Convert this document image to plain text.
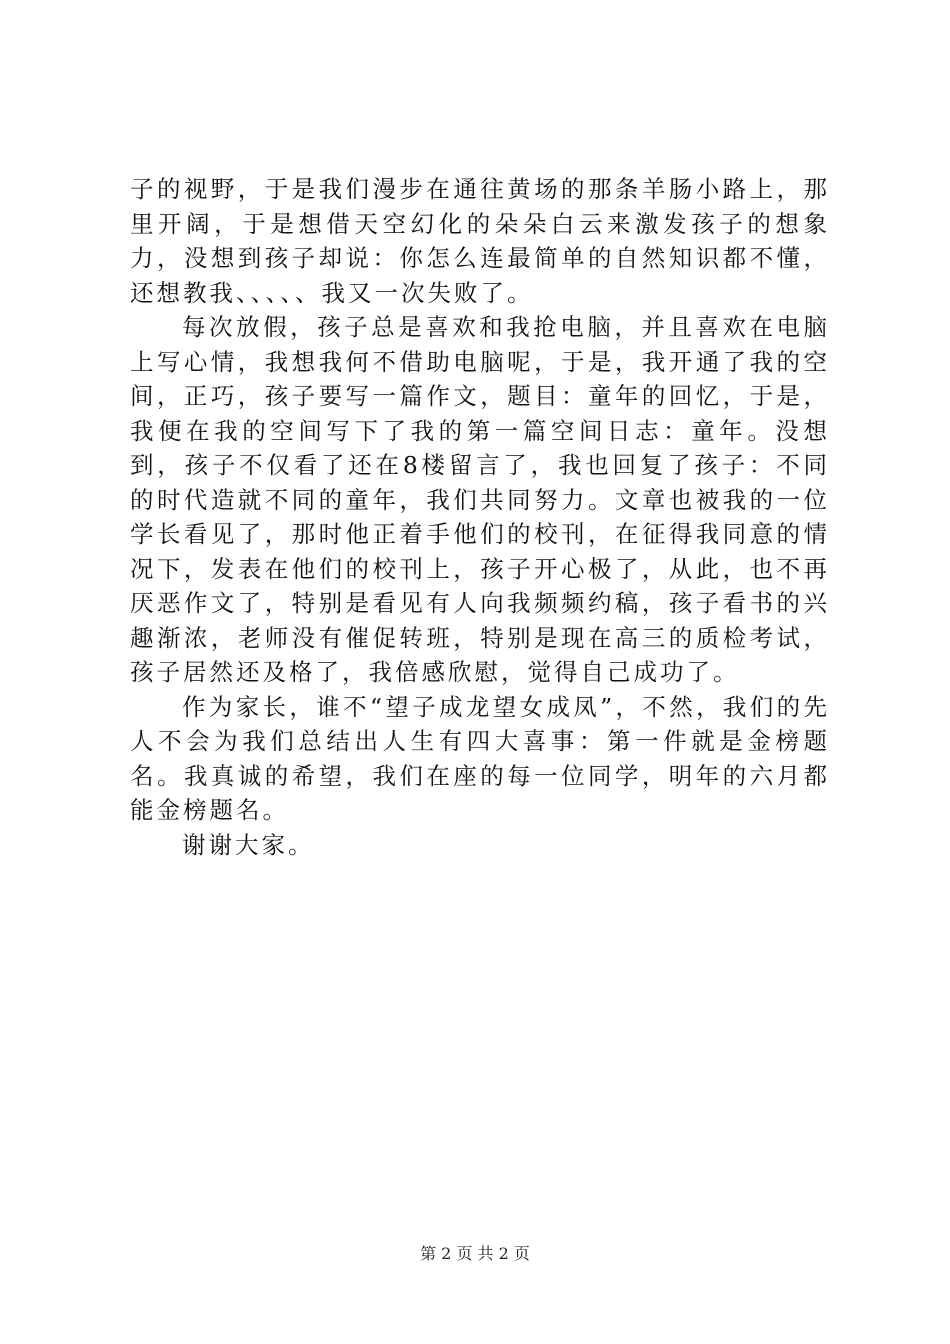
子的视野，于是我们漫步在通往黄场的那条羊肠小路上，那里开阔，于是想借天空幻化的朵朵白云来激发孩子的想象力，没想到孩子却说：你怎么连最简单的自然知识都不懂，还想教我、、、、、我又一次失败了。

每次放假，孩子总是喜欢和我抢电脑，并且喜欢在电脑上写心情，我想我何不借助电脑呢，于是，我开通了我的空间，正巧，孩子要写一篇作文，题目：童年的回忆，于是，我便在我的空间写下了我的第一篇空间日志：童年。没想到，孩子不仅看了还在8楼留言了，我也回复了孩子：不同的时代造就不同的童年，我们共同努力。文章也被我的一位学长看见了，那时他正着手他们的校刊，在征得我同意的情况下，发表在他们的校刊上，孩子开心极了，从此，也不再厌恶作文了，特别是看见有人向我频频约稿，孩子看书的兴趣渐浓，老师没有催促转班，特别是现在高三的质检考试，孩子居然还及格了，我倍感欣慰，觉得自己成功了。

作为家长，谁不“望子成龙望女成凤”，不然，我们的先人不会为我们总结出人生有四大喜事：第一件就是金榜题名。我真诚的希望，我们在座的每一位同学，明年的六月都能金榜题名。

谢谢大家。

第 2 页 共 2 页
